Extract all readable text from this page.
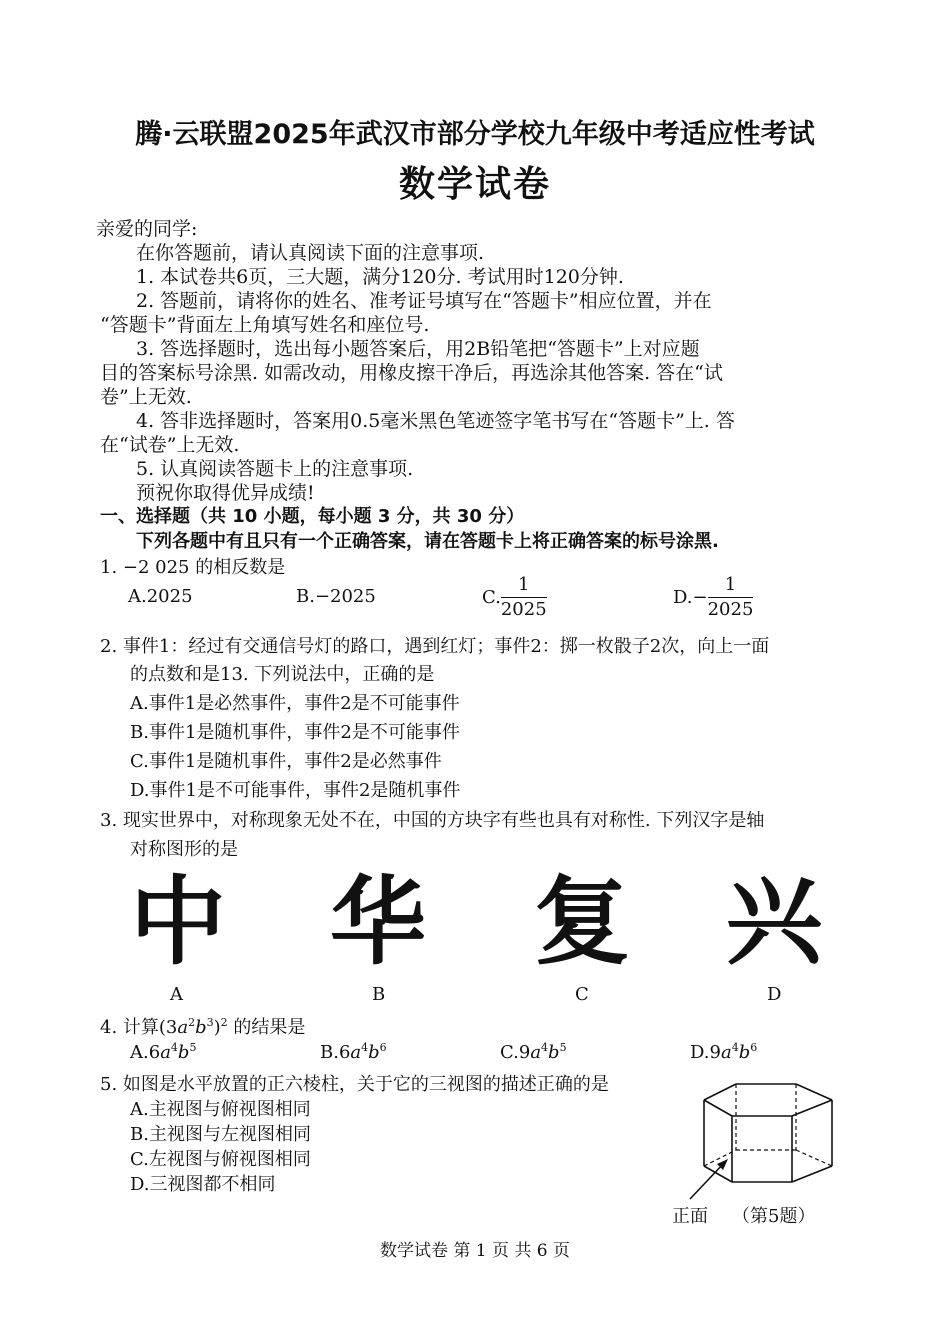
腾·云联盟2025年武汉市部分学校九年级中考适应性考试
数学试卷
亲爱的同学:
在你答题前，请认真阅读下面的注意事项.
1. 本试卷共6页，三大题，满分120分. 考试用时120分钟.
2. 答题前，请将你的姓名、准考证号填写在“答题卡”相应位置，并在
“答题卡”背面左上角填写姓名和座位号.
3. 答选择题时，选出每小题答案后，用2B铅笔把“答题卡”上对应题
目的答案标号涂黑. 如需改动，用橡皮擦干净后，再选涂其他答案. 答在“试
卷”上无效.
4. 答非选择题时，答案用0.5毫米黑色笔迹签字笔书写在“答题卡”上. 答
在“试卷”上无效.
5. 认真阅读答题卡上的注意事项.
预祝你取得优异成绩!
一、选择题（共 10 小题，每小题 3 分，共 30 分）
下列各题中有且只有一个正确答案，请在答题卡上将正确答案的标号涂黑.
1. −2 025 的相反数是
A.2025	B.−2025	C. $\frac{1}{2025}$	$D.- \frac{1}{2025}$
2. 事件1：经过有交通信号灯的路口，遇到红灯；事件2：掷一枚骰子2次，向上一面
的点数和是13. 下列说法中，正确的是
A.事件1是必然事件，事件2是不可能事件
B.事件1是随机事件，事件2是不可能事件
C.事件1是随机事件，事件2是必然事件
D.事件1是不可能事件，事件2是随机事件
3. 现实世界中，对称现象无处不在，中国的方块字有些也具有对称性. 下列汉字是轴
对称图形的是
中 华 复 兴
A	B	C	D
4. 计算$(3a^2b^3)^2$ 的结果是
$A.6a^4b^5$	$B.6a^4b^6$	$C.9a^4b^5$	$D.9a^4b^6$
5. 如图是水平放置的正六棱柱，关于它的三视图的描述正确的是
A.主视图与俯视图相同
B.主视图与左视图相同
C.左视图与俯视图相同
D.三视图都不相同
正面 （第5题）
数学试卷 第 1 页 共 6 页
